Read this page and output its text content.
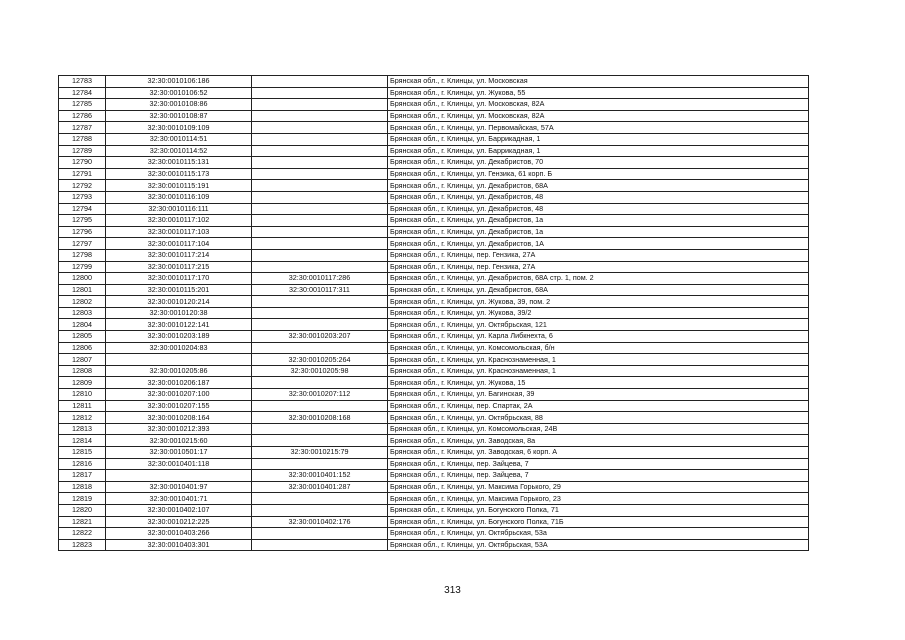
12783	32:30:0010106:186		Брянская обл., г. Клинцы, ул. Московская
12784	32:30:0010106:52		Брянская обл., г. Клинцы, ул. Жукова, 55
12785	32:30:0010108:86		Брянская обл., г. Клинцы, ул. Московская, 82А
12786	32:30:0010108:87		Брянская обл., г. Клинцы, ул. Московская, 82А
12787	32:30:0010109:109		Брянская обл., г. Клинцы, ул. Первомайская, 57А
12788	32:30:0010114:51		Брянская обл., г. Клинцы, ул. Баррикадная, 1
12789	32:30:0010114:52		Брянская обл., г. Клинцы, ул. Баррикадная, 1
12790	32:30:0010115:131		Брянская обл., г. Клинцы, ул. Декабристов, 70
12791	32:30:0010115:173		Брянская обл., г. Клинцы, ул. Гензика, 61 корп. Б
12792	32:30:0010115:191		Брянская обл., г. Клинцы, ул. Декабристов, 68А
12793	32:30:0010116:109		Брянская обл., г. Клинцы, ул. Декабристов, 48
12794	32:30:0010116:111		Брянская обл., г. Клинцы, ул. Декабристов, 48
12795	32:30:0010117:102		Брянская обл., г. Клинцы, ул. Декабристов, 1а
12796	32:30:0010117:103		Брянская обл., г. Клинцы, ул. Декабристов, 1а
12797	32:30:0010117:104		Брянская обл., г. Клинцы, ул. Декабристов, 1А
12798	32:30:0010117:214		Брянская обл., г. Клинцы, пер. Гензика, 27А
12799	32:30:0010117:215		Брянская обл., г. Клинцы, пер. Гензика, 27А
12800	32:30:0010117:170	32:30:0010117:286	Брянская обл., г. Клинцы, ул. Декабристов, 68А стр. 1, пом. 2
12801	32:30:0010115:201	32:30:0010117:311	Брянская обл., г. Клинцы, ул. Декабристов, 68А
12802	32:30:0010120:214		Брянская обл., г. Клинцы, ул. Жукова, 39, пом. 2
12803	32:30:0010120:38		Брянская обл., г. Клинцы, ул. Жукова, 39/2
12804	32:30:0010122:141		Брянская обл., г. Клинцы, ул. Октябрьская, 121
12805	32:30:0010203:189	32:30:0010203:207	Брянская обл., г. Клинцы, ул. Карла Либкнехта, 6
12806	32:30:0010204:83		Брянская обл., г. Клинцы, ул. Комсомольская, б/н
12807		32:30:0010205:264	Брянская обл., г. Клинцы, ул. Краснознаменная, 1
12808	32:30:0010205:86	32:30:0010205:98	Брянская обл., г. Клинцы, ул. Краснознаменная, 1
12809	32:30:0010206:187		Брянская обл., г. Клинцы, ул. Жукова, 15
12810	32:30:0010207:100	32:30:0010207:112	Брянская обл., г. Клинцы, ул. Багинская, 39
12811	32:30:0010207:155		Брянская обл., г. Клинцы, пер. Спартак, 2А
12812	32:30:0010208:164	32:30:0010208:168	Брянская обл., г. Клинцы, ул. Октябрьская, 88
12813	32:30:0010212:393		Брянская обл., г. Клинцы, ул. Комсомольская, 24В
12814	32:30:0010215:60		Брянская обл., г. Клинцы, ул. Заводская, 8а
12815	32:30:0010501:17	32:30:0010215:79	Брянская обл., г. Клинцы, ул. Заводская, 6 корп. А
12816	32:30:0010401:118		Брянская обл., г. Клинцы, пер. Зайцева, 7
12817		32:30:0010401:152	Брянская обл., г. Клинцы, пер. Зайцева, 7
12818	32:30:0010401:97	32:30:0010401:287	Брянская обл., г. Клинцы, ул. Максима Горького, 29
12819	32:30:0010401:71		Брянская обл., г. Клинцы, ул. Максима Горького, 23
12820	32:30:0010402:107		Брянская обл., г. Клинцы, ул. Богунского Полка, 71
12821	32:30:0010212:225	32:30:0010402:176	Брянская обл., г. Клинцы, ул. Богунского Полка, 71Б
12822	32:30:0010403:266		Брянская обл., г. Клинцы, ул. Октябрьская, 53а
12823	32:30:0010403:301		Брянская обл., г. Клинцы, ул. Октябрьская, 53А
313
